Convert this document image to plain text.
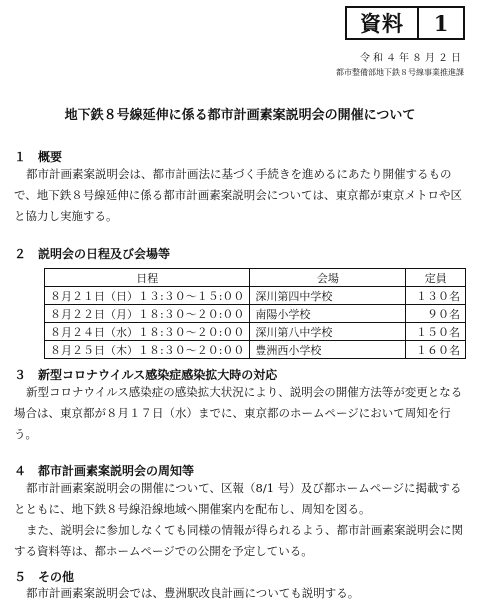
資料	1
令和４年８月２日
都市整備部地下鉄８号線事業推進課
地下鉄８号線延伸に係る都市計画素案説明会の開催について
１ 概要
都市計画素案説明会は、都市計画法に基づく手続きを進めるにあたり開催するもので、地下鉄８号線延伸に係る都市計画素案説明会については、東京都が東京メトロや区と協力し実施する。
２ 説明会の日程及び会場等
日程	会場	定員
８月２１日（日）１３:３０～１５:００	深川第四中学校	１３０名
８月２２日（月）１８:３０～２０:００	南陽小学校	９０名
８月２４日（水）１８:３０～２０:００	深川第八中学校	１５０名
８月２５日（木）１８:３０～２０:００	豊洲西小学校	１６０名
３ 新型コロナウイルス感染症感染拡大時の対応
新型コロナウイルス感染症の感染拡大状況により、説明会の開催方法等が変更となる場合は、東京都が８月１７日（水）までに、東京都のホームページにおいて周知を行う。
４ 都市計画素案説明会の周知等
都市計画素案説明会の開催について、区報（8/1 号）及び都ホームページに掲載するとともに、地下鉄８号線沿線地域へ開催案内を配布し、周知を図る。
また、説明会に参加しなくても同様の情報が得られるよう、都市計画素案説明会に関する資料等は、都ホームページでの公開を予定している。
５ その他
都市計画素案説明会では、豊洲駅改良計画についても説明する。
